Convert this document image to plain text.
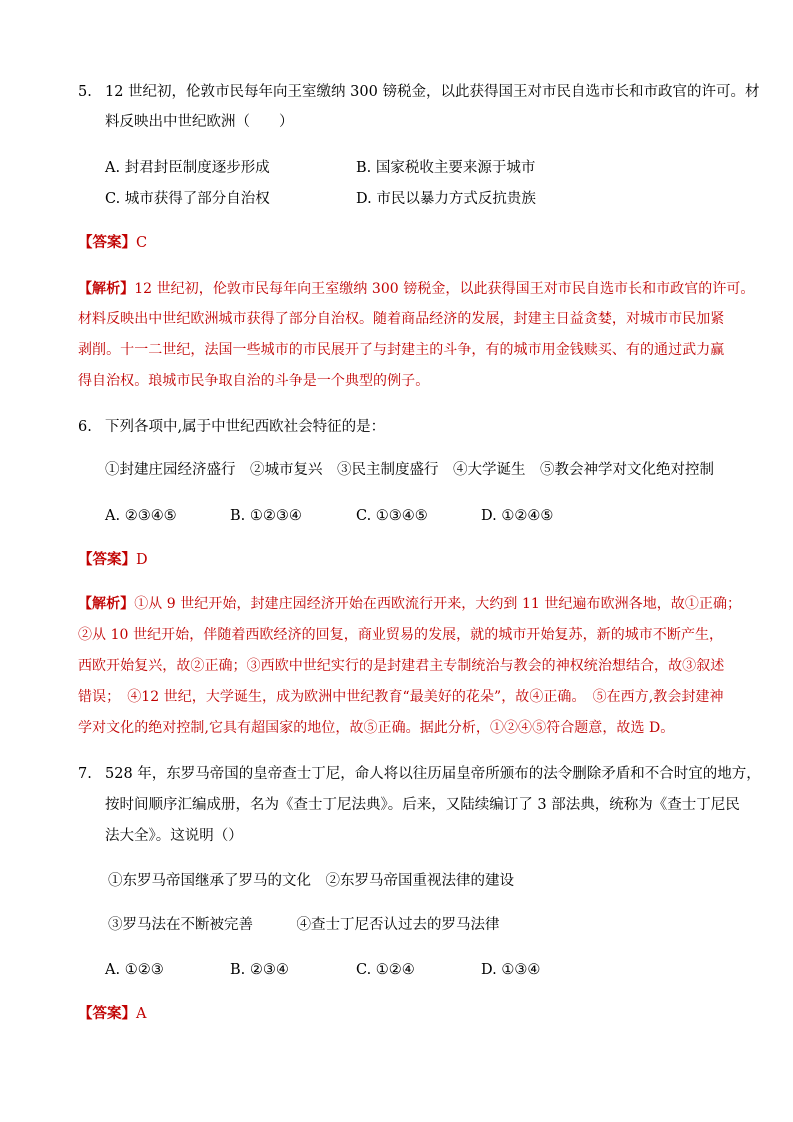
5. 12 世纪初，伦敦市民每年向王室缴纳 300 镑税金，以此获得国王对市民自选市长和市政官的许可。材
料反映出中世纪欧洲（　　）
A. 封君封臣制度逐步形成	B. 国家税收主要来源于城市
C. 城市获得了部分自治权	D. 市民以暴力方式反抗贵族
【答案】C
【解析】12 世纪初，伦敦市民每年向王室缴纳 300 镑税金，以此获得国王对市民自选市长和市政官的许可。
材料反映出中世纪欧洲城市获得了部分自治权。随着商品经济的发展，封建主日益贪婪，对城市市民加紧
剥削。十一二世纪，法国一些城市的市民展开了与封建主的斗争，有的城市用金钱赎买、有的通过武力赢
得自治权。琅城市民争取自治的斗争是一个典型的例子。
6. 下列各项中,属于中世纪西欧社会特征的是：
①封建庄园经济盛行　②城市复兴　③民主制度盛行　④大学诞生　⑤教会神学对文化绝对控制
A. ②③④⑤	B. ①②③④	C. ①③④⑤	D. ①②④⑤
【答案】D
【解析】①从 9 世纪开始，封建庄园经济开始在西欧流行开来，大约到 11 世纪遍布欧洲各地，故①正确；
②从 10 世纪开始，伴随着西欧经济的回复，商业贸易的发展，就的城市开始复苏，新的城市不断产生，
西欧开始复兴，故②正确；③西欧中世纪实行的是封建君主专制统治与教会的神权统治想结合，故③叙述
错误；　④12 世纪，大学诞生，成为欧洲中世纪教育“最美好的花朵”，故④正确。　⑤在西方,教会封建神
学对文化的绝对控制,它具有超国家的地位，故⑤正确。据此分析，①②④⑤符合题意，故选 D。
7. 528 年，东罗马帝国的皇帝查士丁尼，命人将以往历届皇帝所颁布的法令删除矛盾和不合时宜的地方，
按时间顺序汇编成册，名为《查士丁尼法典》。后来，又陆续编订了 3 部法典，统称为《查士丁尼民
法大全》。这说明（）
①东罗马帝国继承了罗马的文化　②东罗马帝国重视法律的建设
③罗马法在不断被完善　　　④查士丁尼否认过去的罗马法律
A. ①②③	B. ②③④	C. ①②④	D. ①③④
【答案】A
